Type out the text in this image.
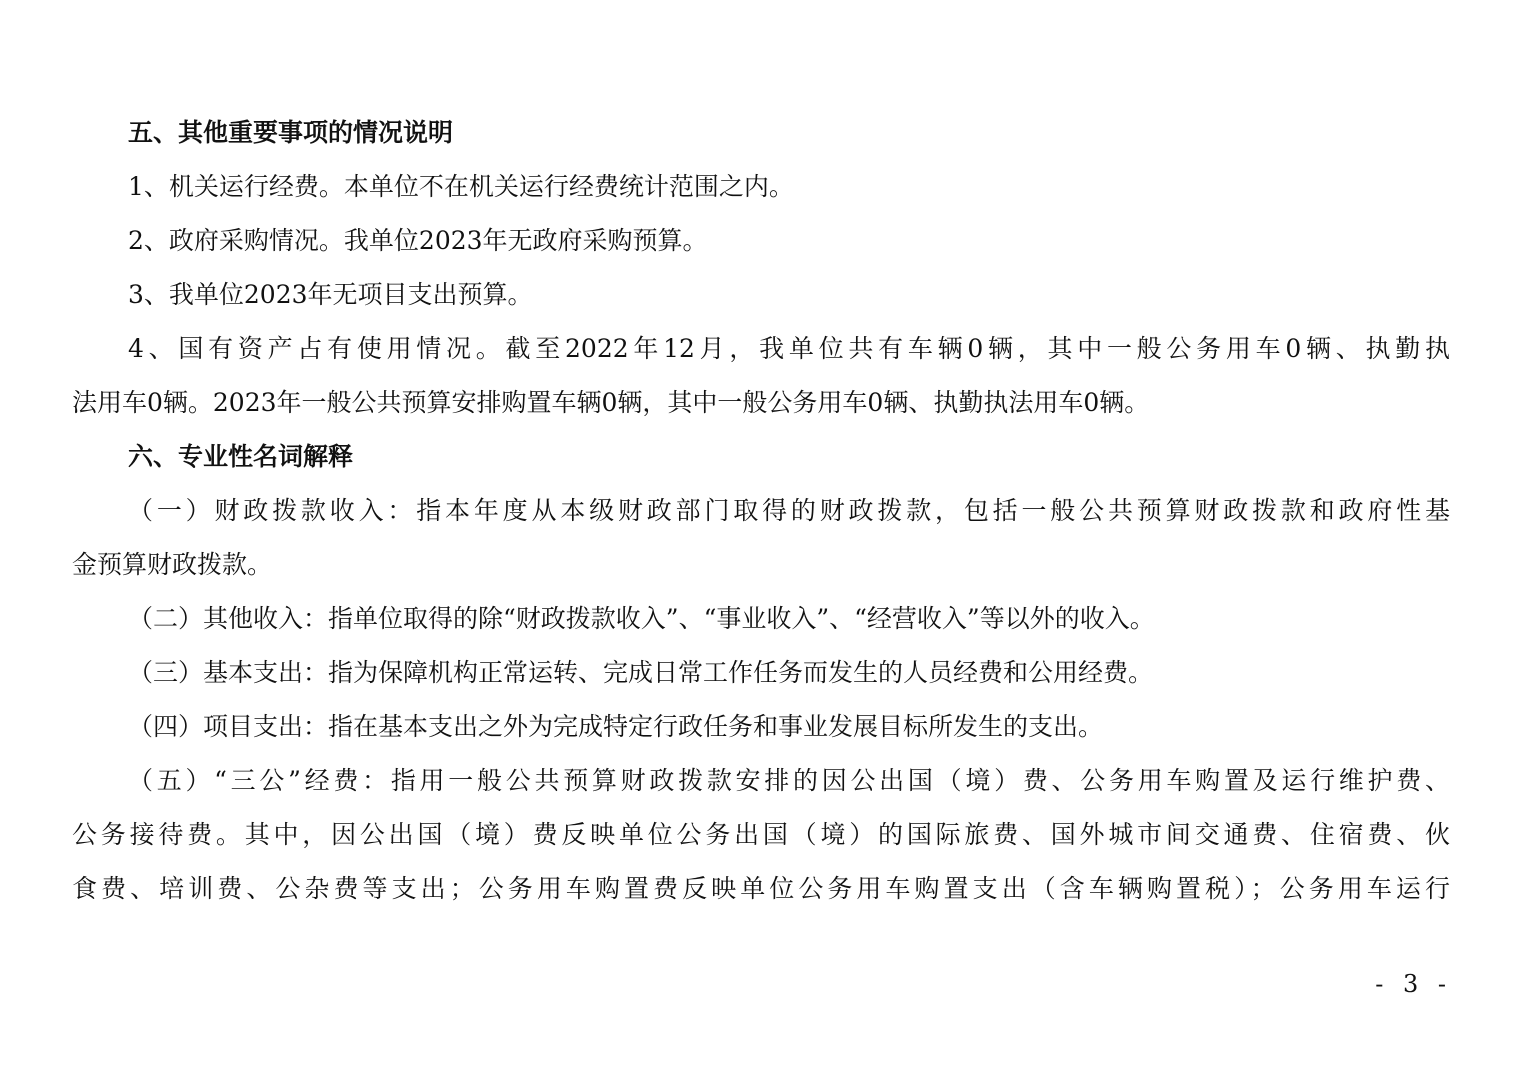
五、其他重要事项的情况说明
1、机关运行经费。本单位不在机关运行经费统计范围之内。
2、政府采购情况。我单位2023年无政府采购预算。
3、我单位2023年无项目支出预算。
4、国有资产占有使用情况。截至2022年12月，我单位共有车辆0辆，其中一般公务用车0辆、执勤执
法用车0辆。2023年一般公共预算安排购置车辆0辆，其中一般公务用车0辆、执勤执法用车0辆。
六、专业性名词解释
（一）财政拨款收入：指本年度从本级财政部门取得的财政拨款，包括一般公共预算财政拨款和政府性基
金预算财政拨款。
（二）其他收入：指单位取得的除“财政拨款收入”、“事业收入”、“经营收入”等以外的收入。
（三）基本支出：指为保障机构正常运转、完成日常工作任务而发生的人员经费和公用经费。
（四）项目支出：指在基本支出之外为完成特定行政任务和事业发展目标所发生的支出。
（五）“三公”经费：指用一般公共预算财政拨款安排的因公出国（境）费、公务用车购置及运行维护费、
公务接待费。其中，因公出国（境）费反映单位公务出国（境）的国际旅费、国外城市间交通费、住宿费、伙
食费、培训费、公杂费等支出；公务用车购置费反映单位公务用车购置支出（含车辆购置税）；公务用车运行
- 3 -
